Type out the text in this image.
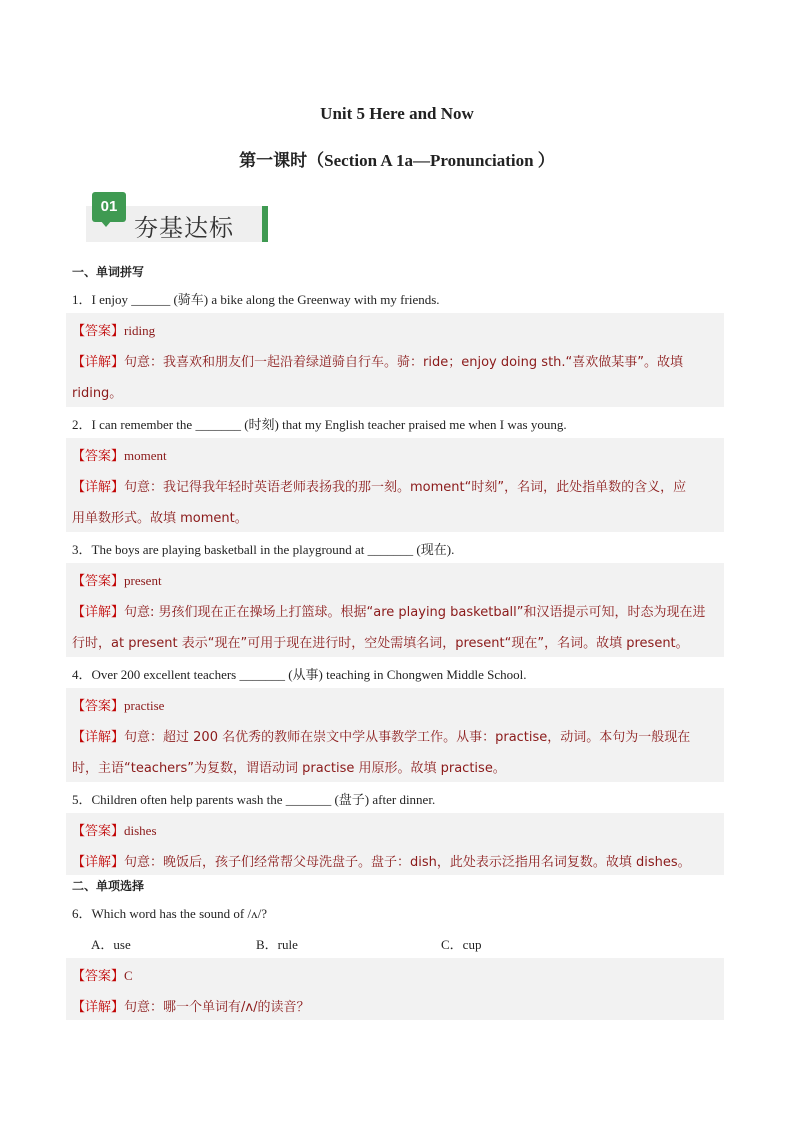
Unit 5 Here and Now
第一课时（Section A 1a—Pronunciation ）
01
夯基达标
一、单词拼写
1．I enjoy ______ (骑车) a bike along the Greenway with my friends.
【答案】riding
【详解】句意：我喜欢和朋友们一起沿着绿道骑自行车。骑：ride；enjoy doing sth.“喜欢做某事”。故填
riding。
2．I can remember the _______ (时刻) that my English teacher praised me when I was young.
【答案】moment
【详解】句意：我记得我年轻时英语老师表扬我的那一刻。moment“时刻”，名词，此处指单数的含义，应
用单数形式。故填 moment。
3．The boys are playing basketball in the playground at _______ (现在).
【答案】present
【详解】句意: 男孩们现在正在操场上打篮球。根据“are playing basketball”和汉语提示可知，时态为现在进
行时，at present 表示“现在”可用于现在进行时，空处需填名词，present“现在”，名词。故填 present。
4．Over 200 excellent teachers _______ (从事) teaching in Chongwen Middle School.
【答案】practise
【详解】句意：超过 200 名优秀的教师在崇文中学从事教学工作。从事：practise，动词。本句为一般现在
时，主语“teachers”为复数，谓语动词 practise 用原形。故填 practise。
5．Children often help parents wash the _______ (盘子) after dinner.
【答案】dishes
【详解】句意：晚饭后，孩子们经常帮父母洗盘子。盘子：dish，此处表示泛指用名词复数。故填 dishes。
二、单项选择
6．Which word has the sound of /ʌ/?
A．use	B．rule	C．cup
【答案】C
【详解】句意：哪一个单词有/ʌ/的读音？
